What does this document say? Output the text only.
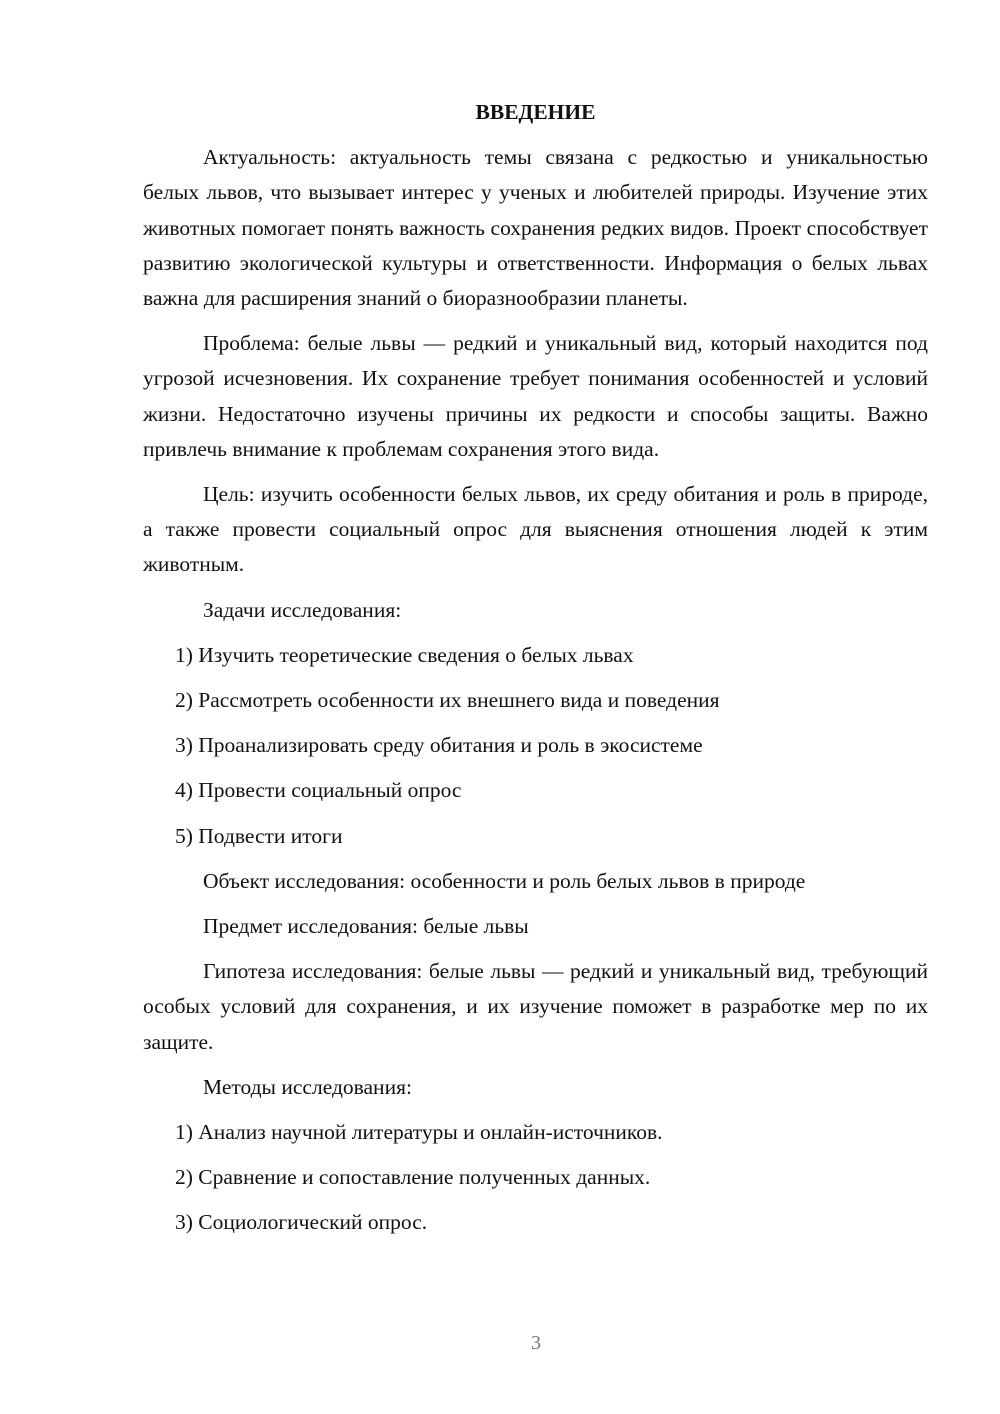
ВВЕДЕНИЕ

Актуальность: актуальность темы связана с редкостью и уникальностью белых львов, что вызывает интерес у ученых и любителей природы. Изучение этих животных помогает понять важность сохранения редких видов. Проект способствует развитию экологической культуры и ответственности. Информация о белых львах важна для расширения знаний о биоразнообразии планеты.

Проблема: белые львы — редкий и уникальный вид, который находится под угрозой исчезновения. Их сохранение требует понимания особенностей и условий жизни. Недостаточно изучены причины их редкости и способы защиты. Важно привлечь внимание к проблемам сохранения этого вида.

Цель: изучить особенности белых львов, их среду обитания и роль в природе, а также провести социальный опрос для выяснения отношения людей к этим животным.

Задачи исследования:

1) Изучить теоретические сведения о белых львах

2) Рассмотреть особенности их внешнего вида и поведения

3) Проанализировать среду обитания и роль в экосистеме

4) Провести социальный опрос

5) Подвести итоги

Объект исследования: особенности и роль белых львов в природе

Предмет исследования: белые львы

Гипотеза исследования: белые львы — редкий и уникальный вид, требующий особых условий для сохранения, и их изучение поможет в разработке мер по их защите.

Методы исследования:

1) Анализ научной литературы и онлайн-источников.

2) Сравнение и сопоставление полученных данных.

3) Социологический опрос.

3
